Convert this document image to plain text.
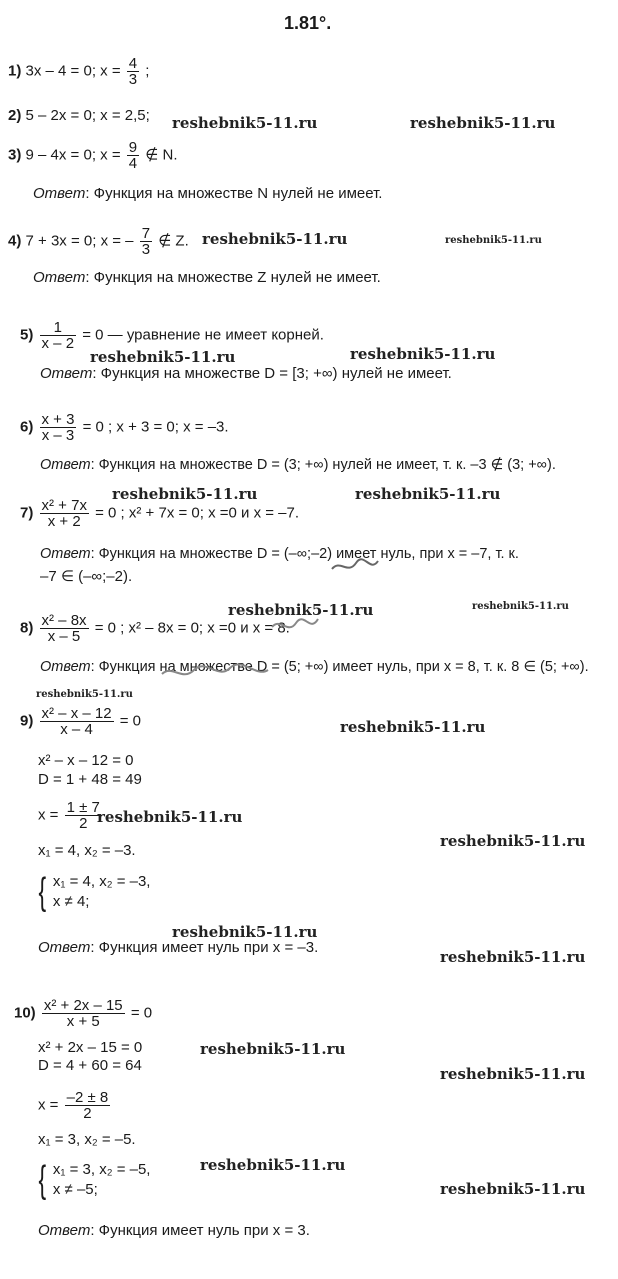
1.81°.
1) 3x – 4 = 0; $x = \frac{4}{3}$ ;
2) 5 – 2x = 0; x = 2,5;
3) 9 – 4x = 0; $x = \frac{9}{4}$ ∉ N.
Ответ: Функция на множестве N нулей не имеет.
4) 7 + 3x = 0; x = – $\frac{7}{3}$ ∉ Z.
Ответ: Функция на множестве Z нулей не имеет.
$5) \frac{1}{x - 2} = 0$ — уравнение не имеет корней.
Ответ: Функция на множестве D = [3; +∞) нулей не имеет.
$6) \frac{x + 3}{x - 3} = 0$ ; x + 3 = 0; x = –3.
Ответ: Функция на множестве D = (3; +∞) нулей не имеет, т. к. –3 ∉ (3; +∞).
$7) \frac{\text{x² + 7x}}{x + 2} = 0$ ; x² + 7x = 0; x =0 и x = –7.
Ответ: Функция на множестве D = (–∞;–2) имеет нуль, при x = –7, т. к.
–7 ∈ (–∞;–2).
$8) \frac{\text{x² – 8x}}{x - 5} = 0$ ; x² – 8x = 0; x =0 и x = 8.
Ответ: Функция на множестве D = (5; +∞) имеет нуль, при x = 8, т. к. 8 ∈ (5; +∞).
$9) \frac{\text{x² – x – 12}}{x - 4} = 0$
x² – x – 12 = 0
D = 1 + 48 = 49
$x = \frac{1 \pm 7}{2}$
x₁ = 4, x₂ = –3.
{ x₁ = 4, x₂ = –3,
x ≠ 4;
Ответ: Функция имеет нуль при x = –3.
$10) \frac{\text{x² + 2x – 15}}{x + 5} = 0$
x² + 2x – 15 = 0
D = 4 + 60 = 64
$x = \frac{-2 \pm 8}{2}$
x₁ = 3, x₂ = –5.
{ x₁ = 3, x₂ = –5,
x ≠ –5;
Ответ: Функция имеет нуль при x = 3.
reshebnik5-11.ru	reshebnik5-11.ru
reshebnik5-11.ru	reshebnik5-11.ru
reshebnik5-11.ru	reshebnik5-11.ru
reshebnik5-11.ru	reshebnik5-11.ru
reshebnik5-11.ru	reshebnik5-11.ru
reshebnik5-11.ru
reshebnik5-11.ru
reshebnik5-11.ru
reshebnik5-11.ru
reshebnik5-11.ru
reshebnik5-11.ru
reshebnik5-11.ru
reshebnik5-11.ru
reshebnik5-11.ru
reshebnik5-11.ru
